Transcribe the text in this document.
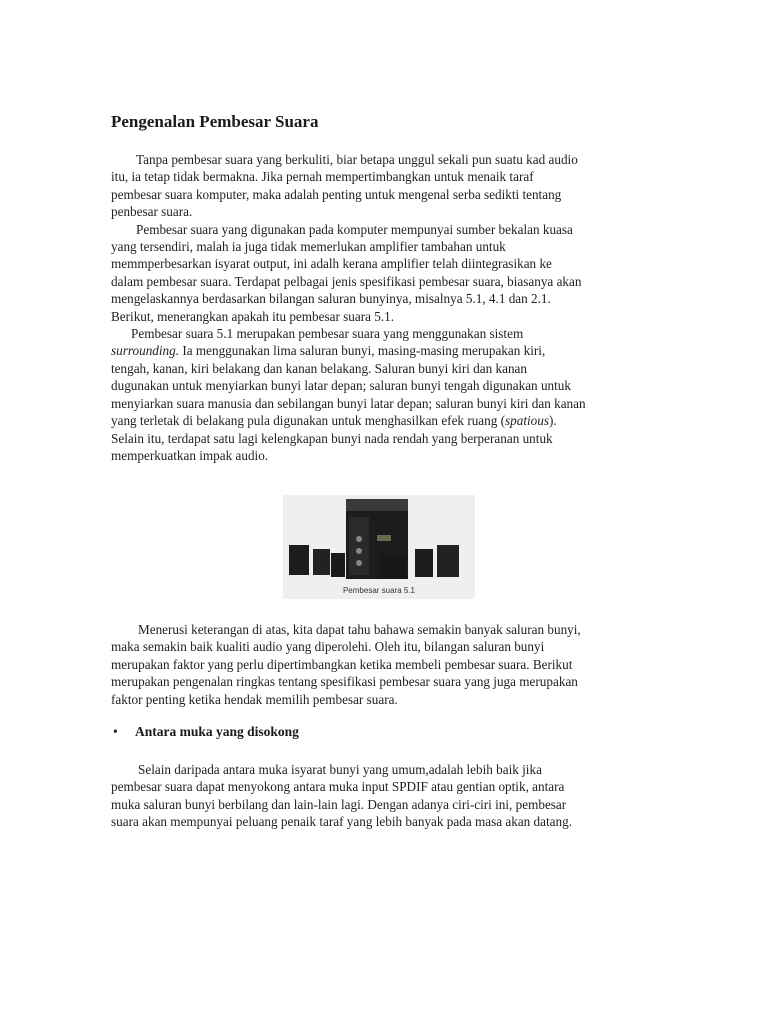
Pengenalan Pembesar Suara

Tanpa pembesar suara yang berkuliti, biar betapa unggul sekali pun suatu kad audio

itu, ia tetap tidak bermakna. Jika pernah mempertimbangkan untuk menaik taraf

pembesar suara komputer, maka adalah penting untuk mengenal serba sedikti tentang

penbesar suara.

Pembesar suara yang digunakan pada komputer mempunyai sumber bekalan kuasa

yang tersendiri, malah ia juga tidak memerlukan amplifier tambahan untuk

memmperbesarkan isyarat output, ini adalh kerana amplifier telah diintegrasikan ke

dalam pembesar suara. Terdapat pelbagai jenis spesifikasi pembesar suara, biasanya akan

mengelaskannya berdasarkan bilangan saluran bunyinya, misalnya 5.1, 4.1 dan 2.1.

Berikut, menerangkan apakah itu pembesar suara 5.1.

Pembesar suara 5.1 merupakan pembesar suara yang menggunakan sistem

surrounding. Ia menggunakan lima saluran bunyi, masing-masing merupakan kiri,

tengah, kanan, kiri belakang dan kanan belakang. Saluran bunyi kiri dan kanan

dugunakan untuk menyiarkan bunyi latar depan; saluran bunyi tengah digunakan untuk

menyiarkan suara manusia dan sebilangan bunyi latar depan; saluran bunyi kiri dan kanan

yang terletak di belakang pula digunakan untuk menghasilkan efek ruang (spatious).

Selain itu, terdapat satu lagi kelengkapan bunyi nada rendah yang berperanan untuk

memperkuatkan impak audio.

Pembesar suara 5.1

Menerusi keterangan di atas, kita dapat tahu bahawa semakin banyak saluran bunyi,

maka semakin baik kualiti audio yang diperolehi. Oleh itu, bilangan saluran bunyi

merupakan faktor yang perlu dipertimbangkan ketika membeli pembesar suara. Berikut

merupakan pengenalan ringkas tentang spesifikasi pembesar suara yang juga merupakan

faktor penting ketika hendak memilih pembesar suara.

• Antara muka yang disokong

Selain daripada antara muka isyarat bunyi yang umum,adalah lebih baik jika

pembesar suara dapat menyokong antara muka input SPDIF atau gentian optik, antara

muka saluran bunyi berbilang dan lain-lain lagi. Dengan adanya ciri-ciri ini, pembesar

suara akan mempunyai peluang penaik taraf yang lebih banyak pada masa akan datang.
